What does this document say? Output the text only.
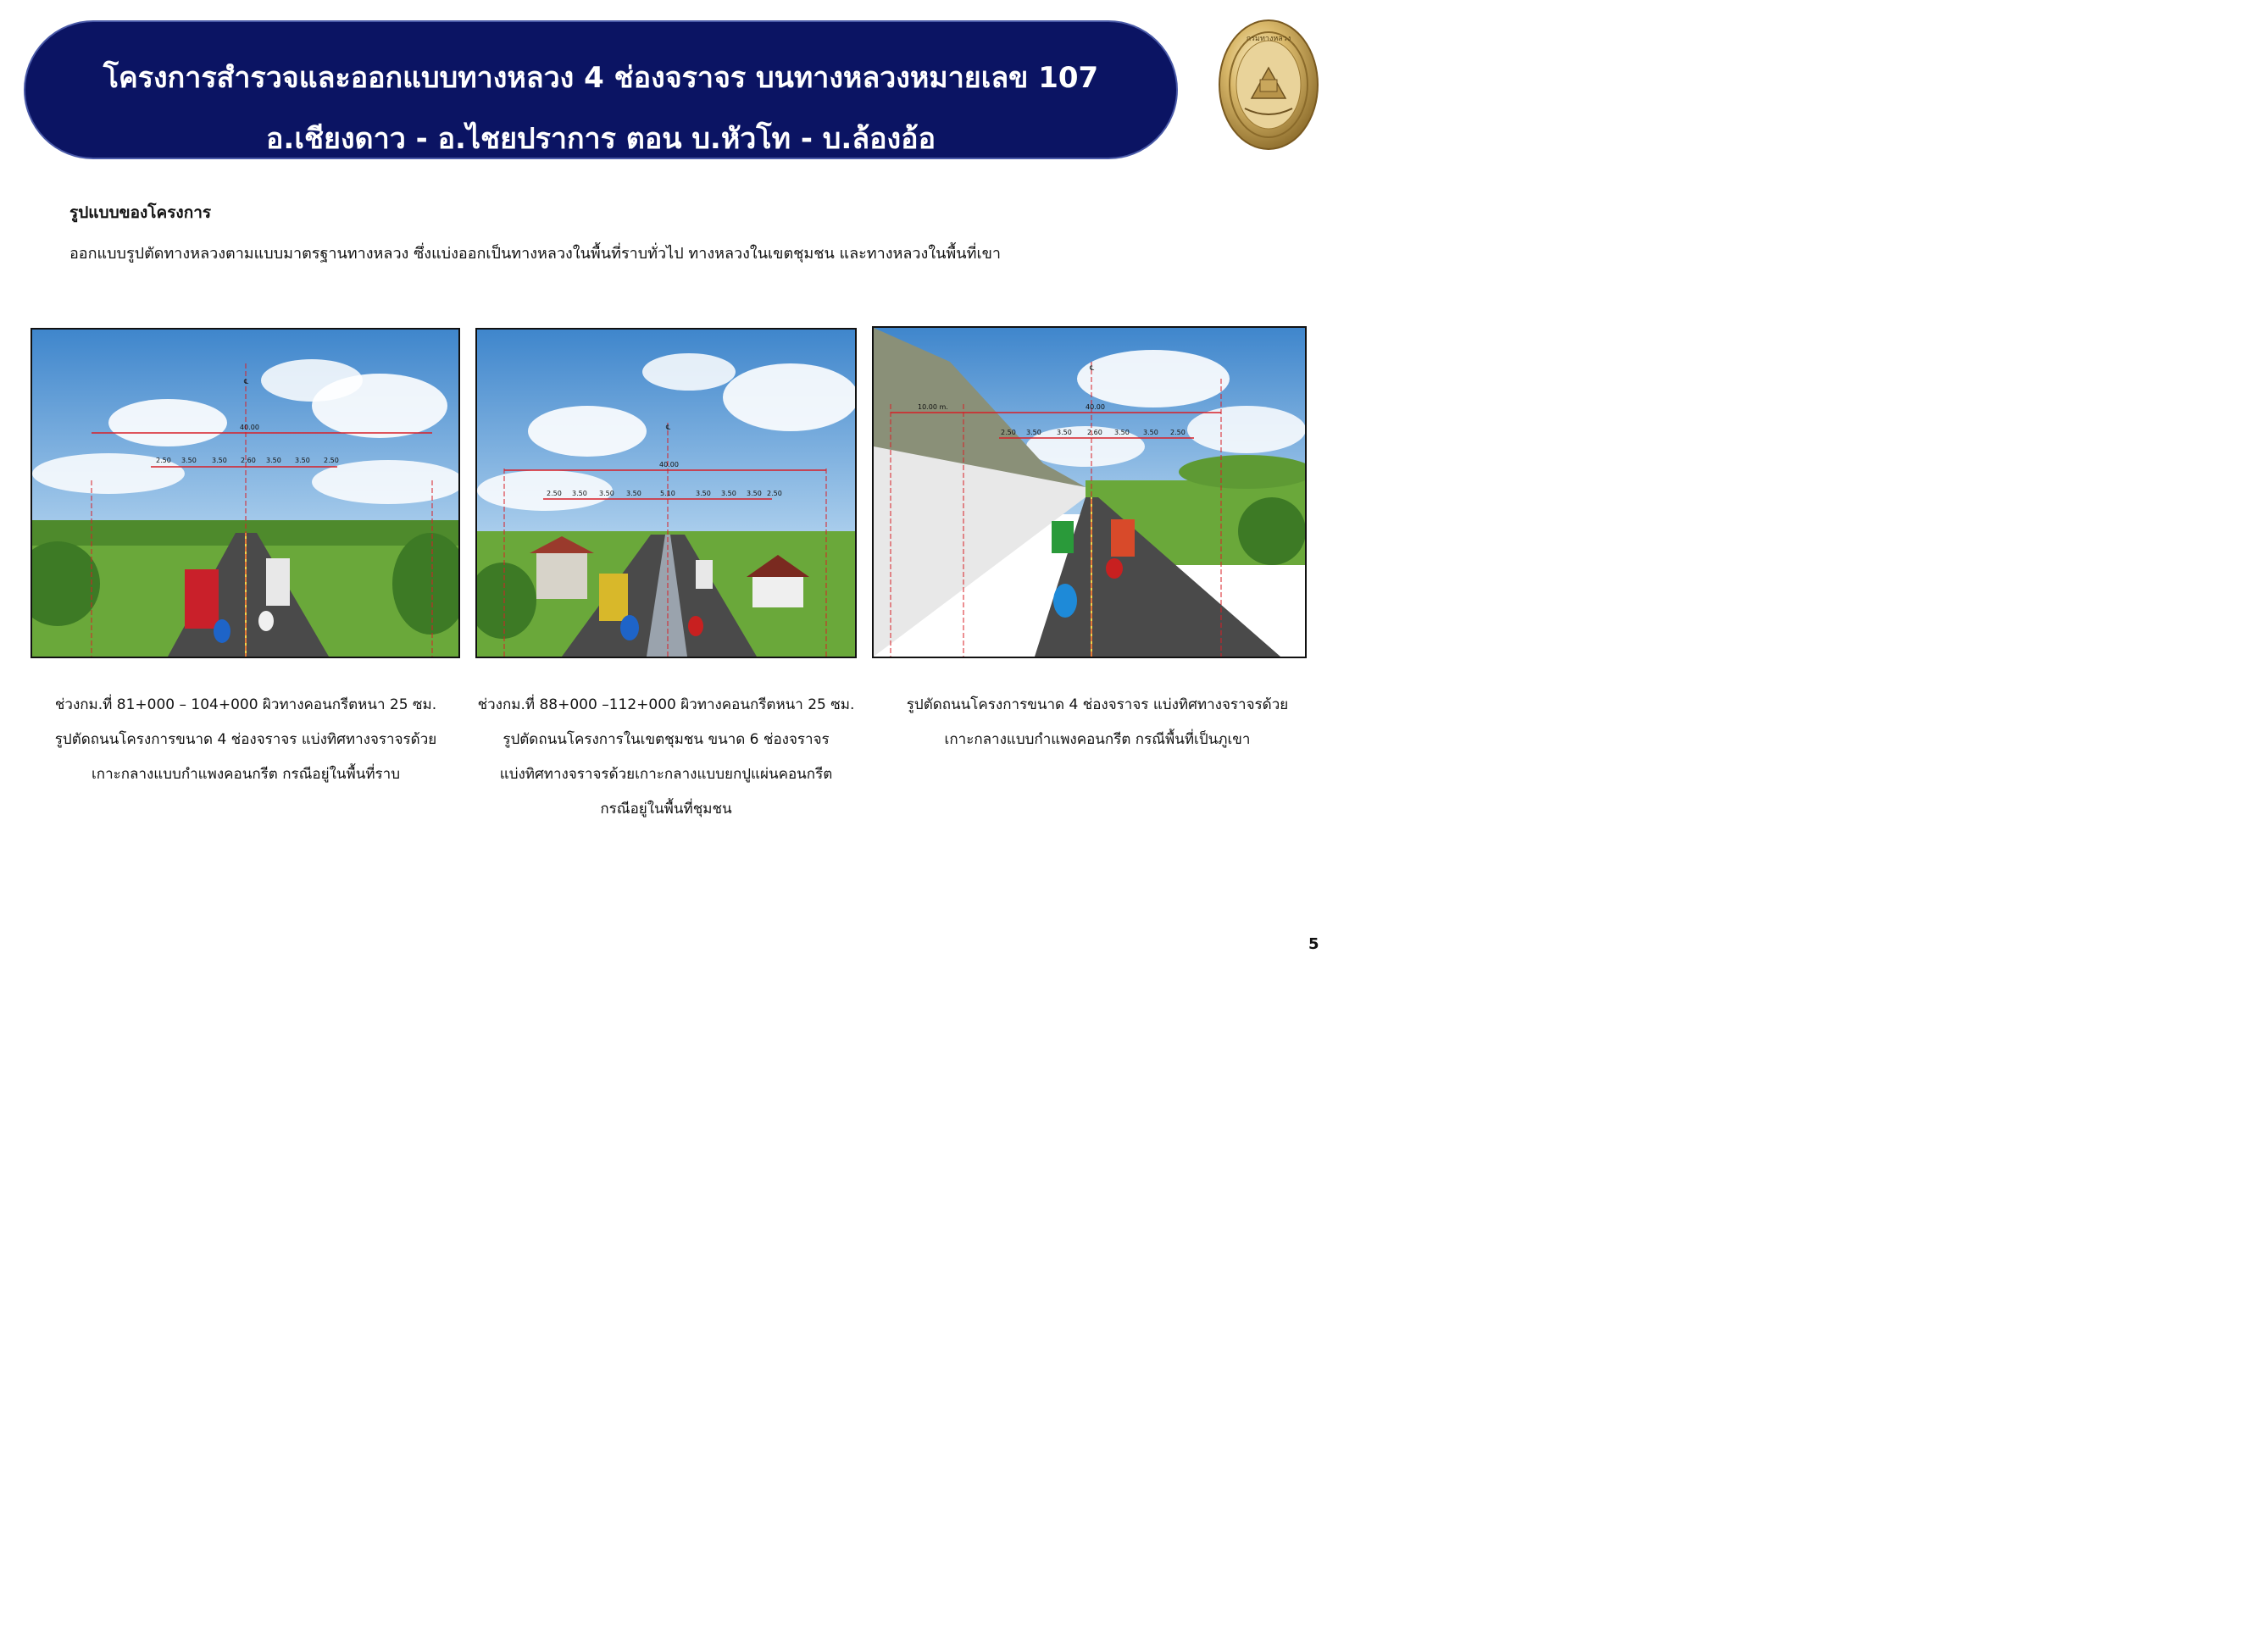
โครงการสำรวจและออกแบบทางหลวง 4 ช่องจราจร บนทางหลวงหมายเลข 107
อ.เชียงดาว - อ.ไชยปราการ ตอน บ.หัวโท - บ.ล้องอ้อ
กรมทางหลวง
รูปแบบของโครงการ
ออกแบบรูปตัดทางหลวงตามแบบมาตรฐานทางหลวง ซึ่งแบ่งออกเป็นทางหลวงในพื้นที่ราบทั่วไป ทางหลวงในเขตชุมชน และทางหลวงในพื้นที่เขา
℄
40.00
2.50 3.50 3.50 2.60 3.50 3.50 2.50
℄
40.00
2.50 3.50 3.50 3.50	5.10	3.50 3.50 3.50 2.50
℄
40.00
10.00 m.
2.50 3.50 3.50 2.60 3.50 3.50 2.50
ช่วงกม.ที่ 81+000 – 104+000 ผิวทางคอนกรีตหนา 25 ซม.
รูปตัดถนนโครงการขนาด 4 ช่องจราจร แบ่งทิศทางจราจรด้วย
เกาะกลางแบบกำแพงคอนกรีต กรณีอยู่ในพื้นที่ราบ
ช่วงกม.ที่ 88+000 –112+000 ผิวทางคอนกรีตหนา 25 ซม.
รูปตัดถนนโครงการในเขตชุมชน ขนาด 6 ช่องจราจร
แบ่งทิศทางจราจรด้วยเกาะกลางแบบยกปูแผ่นคอนกรีต
กรณีอยู่ในพื้นที่ชุมชน
รูปตัดถนนโครงการขนาด 4 ช่องจราจร แบ่งทิศทางจราจรด้วย
เกาะกลางแบบกำแพงคอนกรีต กรณีพื้นที่เป็นภูเขา
5
